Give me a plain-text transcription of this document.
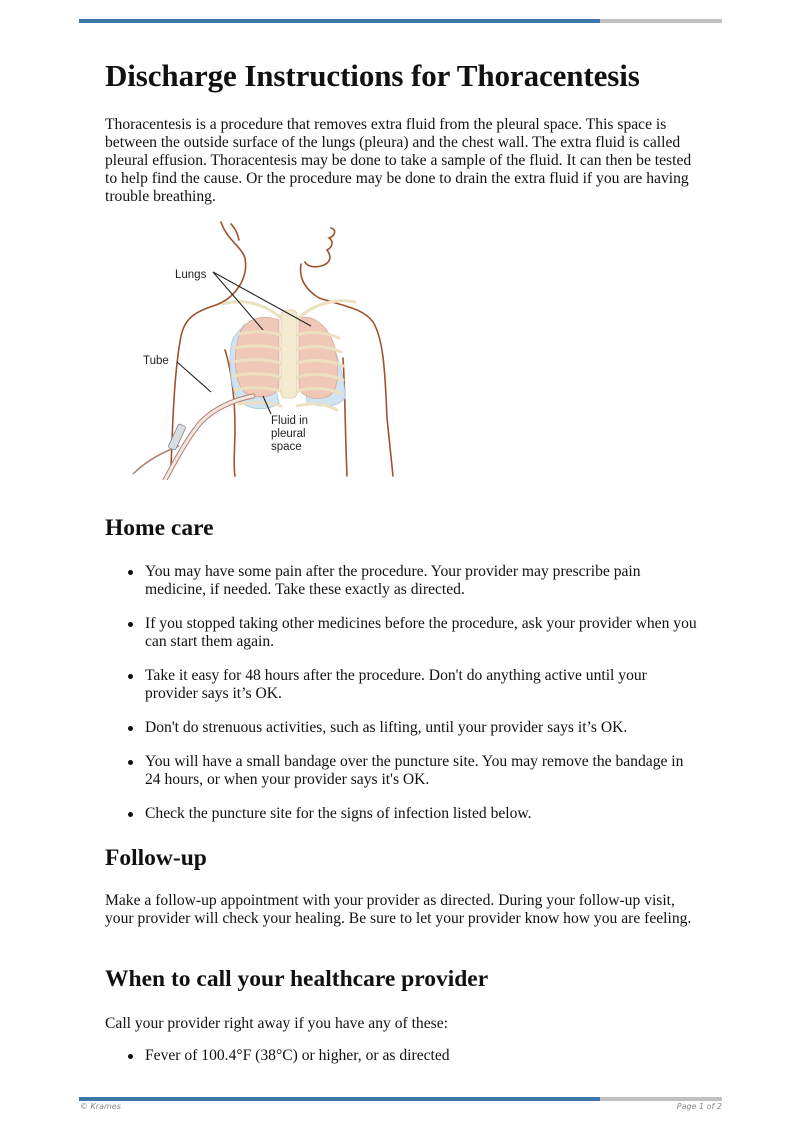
Discharge Instructions for Thoracentesis

Thoracentesis is a procedure that removes extra fluid from the pleural space. This space is between the outside surface of the lungs (pleura) and the chest wall. The extra fluid is called pleural effusion. Thoracentesis may be done to take a sample of the fluid. It can then be tested to help find the cause. Or the procedure may be done to drain the extra fluid if you are having trouble breathing.

Lungs
Tube
Fluid in
pleural
space
Home care
You may have some pain after the procedure. Your provider may prescribe pain medicine, if needed. Take these exactly as directed.
If you stopped taking other medicines before the procedure, ask your provider when you can start them again.
Take it easy for 48 hours after the procedure. Don't do anything active until your provider says it’s OK.
Don't do strenuous activities, such as lifting, until your provider says it’s OK.
You will have a small bandage over the puncture site. You may remove the bandage in 24 hours, or when your provider says it's OK.
Check the puncture site for the signs of infection listed below.
Follow-up

Make a follow-up appointment with your provider as directed. During your follow-up visit, your provider will check your healing. Be sure to let your provider know how you are feeling.

When to call your healthcare provider

Call your provider right away if you have any of these:

Fever of 100.4°F (38°C) or higher, or as directed
© Krames	Page 1 of 2
